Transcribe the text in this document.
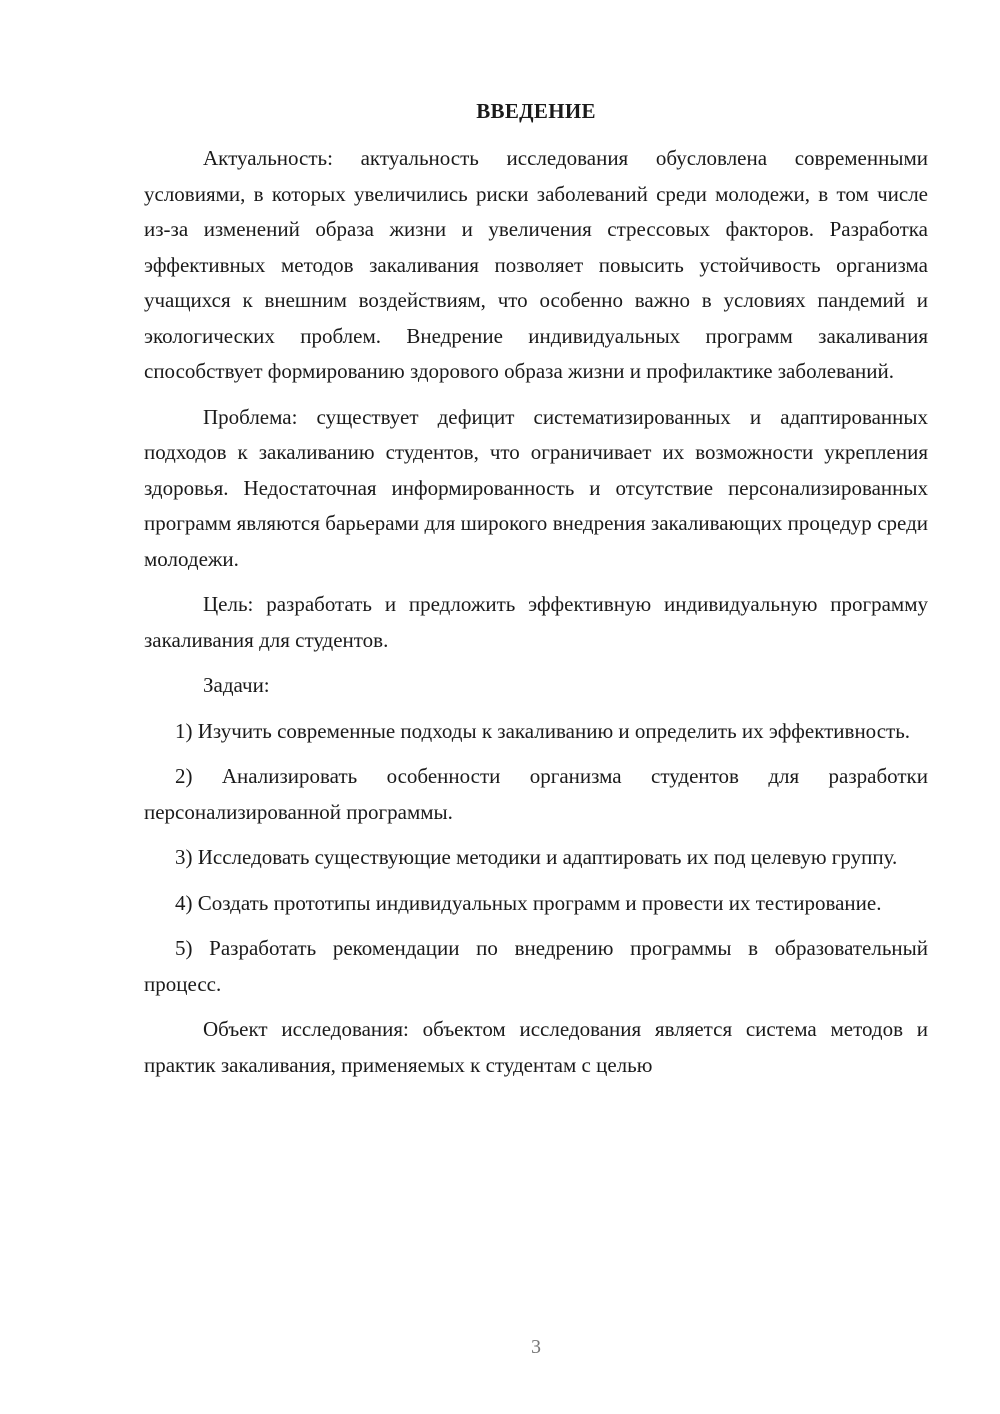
ВВЕДЕНИЕ

Актуальность: актуальность исследования обусловлена современными условиями, в которых увеличились риски заболеваний среди молодежи, в том числе из-за изменений образа жизни и увеличения стрессовых факторов. Разработка эффективных методов закаливания позволяет повысить устойчивость организма учащихся к внешним воздействиям, что особенно важно в условиях пандемий и экологических проблем. Внедрение индивидуальных программ закаливания способствует формированию здорового образа жизни и профилактике заболеваний.

Проблема: существует дефицит систематизированных и адаптированных подходов к закаливанию студентов, что ограничивает их возможности укрепления здоровья. Недостаточная информированность и отсутствие персонализированных программ являются барьерами для широкого внедрения закаливающих процедур среди молодежи.

Цель: разработать и предложить эффективную индивидуальную программу закаливания для студентов.

Задачи:

1) Изучить современные подходы к закаливанию и определить их эффективность.

2) Анализировать особенности организма студентов для разработки персонализированной программы.

3) Исследовать существующие методики и адаптировать их под целевую группу.

4) Создать прототипы индивидуальных программ и провести их тестирование.

5) Разработать рекомендации по внедрению программы в образовательный процесс.

Объект исследования: объектом исследования является система методов и практик закаливания, применяемых к студентам с целью

3
